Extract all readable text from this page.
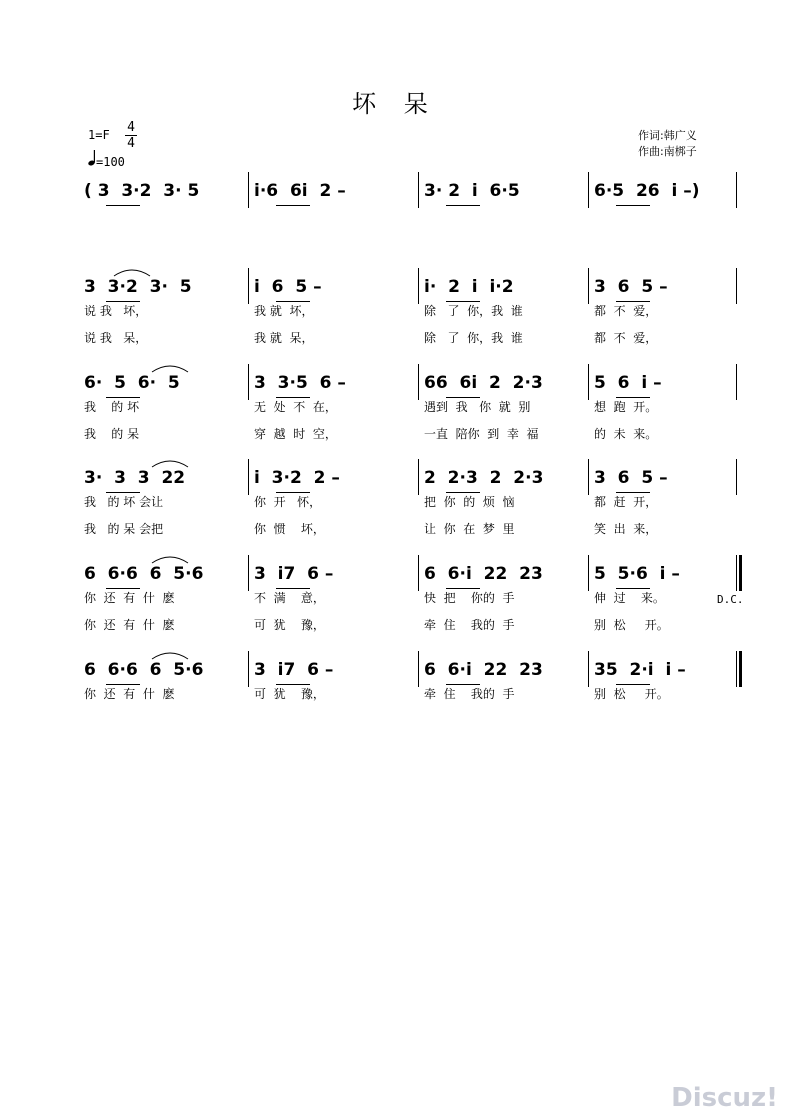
坏 呆
1=F 4
4
=100
作词:韩广义
作曲:南梆子
( 3  3·2  3· 5	i·6  6i  2 –	3· 2  i  6·5	6·5  26  i –)
3  3·2  3·  5	i  6  5 –	i·  2  i  i·2	3  6  5 –
说 我   坏，	我 就  坏，	除   了  你，我  谁	都  不  爱，
说 我   呆，	我 就  呆，	除   了  你，我  谁	都  不  爱，
6·  5  6·  5	3  3·5  6 –	66  6i  2  2·3	5  6  i –
我    的 坏	无  处  不  在，	遇到  我   你  就  别	想  跑  开。
我    的 呆	穿  越  时  空，	一直  陪你  到  幸  福	的  未  来。
3·  3  3  22	i  3·2  2 –	2  2·3  2  2·3	3  6  5 –
我   的 坏 会让	你  开   怀，	把  你  的  烦  恼	都  赶  开，
我   的 呆 会把	你  惯    坏，	让  你  在  梦  里	笑  出  来，
6  6·6  6  5·6	3  i7  6 –	6  6·i  22  23	5  5·6  i –
你  还  有  什  麽	不  满    意，	快  把    你的  手	伸  过    来。
你  还  有  什  麽	可  犹    豫，	牵  住    我的  手	别  松     开。
6  6·6  6  5·6	3  i7  6 –	6  6·i  22  23	35  2·i  i –
你  还  有  什  麽	可  犹    豫，	牵  住    我的  手	别  松     开。
D.C.
Discuz!
